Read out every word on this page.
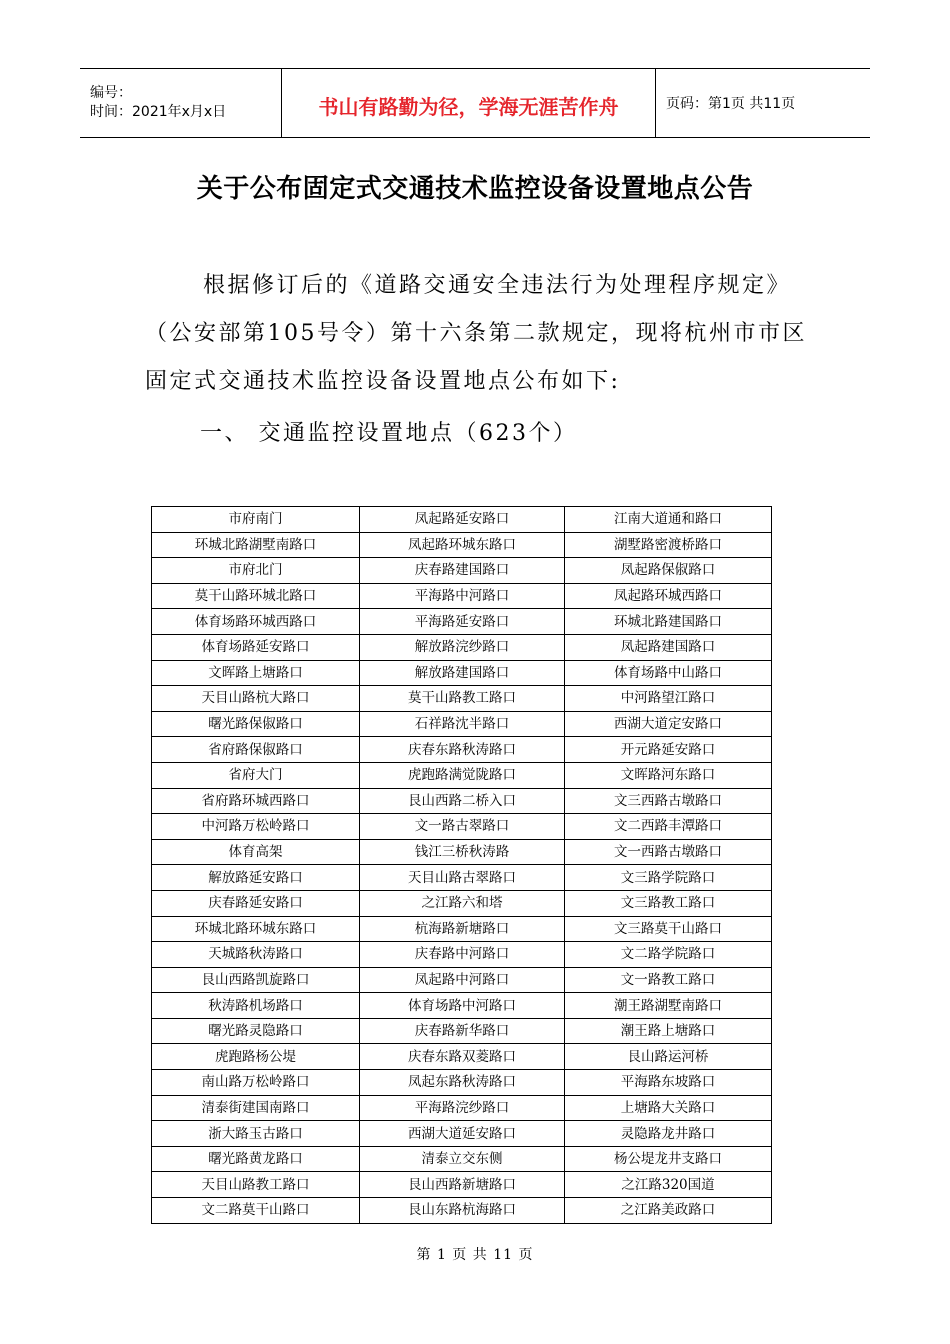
编号：
时间：2021年x月x日	书山有路勤为径，学海无涯苦作舟	页码：第1页 共11页
关于公布固定式交通技术监控设备设置地点公告
根据修订后的《道路交通安全违法行为处理程序规定》（公安部第105号令）第十六条第二款规定，现将杭州市市区固定式交通技术监控设备设置地点公布如下:
一、 交通监控设置地点（623个）
市府南门	凤起路延安路口	江南大道通和路口
环城北路湖墅南路口	凤起路环城东路口	湖墅路密渡桥路口
市府北门	庆春路建国路口	凤起路保俶路口
莫干山路环城北路口	平海路中河路口	凤起路环城西路口
体育场路环城西路口	平海路延安路口	环城北路建国路口
体育场路延安路口	解放路浣纱路口	凤起路建国路口
文晖路上塘路口	解放路建国路口	体育场路中山路口
天目山路杭大路口	莫干山路教工路口	中河路望江路口
曙光路保俶路口	石祥路沈半路口	西湖大道定安路口
省府路保俶路口	庆春东路秋涛路口	开元路延安路口
省府大门	虎跑路满觉陇路口	文晖路河东路口
省府路环城西路口	艮山西路二桥入口	文三西路古墩路口
中河路万松岭路口	文一路古翠路口	文二西路丰潭路口
体育高架	钱江三桥秋涛路	文一西路古墩路口
解放路延安路口	天目山路古翠路口	文三路学院路口
庆春路延安路口	之江路六和塔	文三路教工路口
环城北路环城东路口	杭海路新塘路口	文三路莫干山路口
天城路秋涛路口	庆春路中河路口	文二路学院路口
艮山西路凯旋路口	凤起路中河路口	文一路教工路口
秋涛路机场路口	体育场路中河路口	潮王路湖墅南路口
曙光路灵隐路口	庆春路新华路口	潮王路上塘路口
虎跑路杨公堤	庆春东路双菱路口	艮山路运河桥
南山路万松岭路口	凤起东路秋涛路口	平海路东坡路口
清泰街建国南路口	平海路浣纱路口	上塘路大关路口
浙大路玉古路口	西湖大道延安路口	灵隐路龙井路口
曙光路黄龙路口	清泰立交东侧	杨公堤龙井支路口
天目山路教工路口	艮山西路新塘路口	之江路320国道
文二路莫干山路口	艮山东路杭海路口	之江路美政路口
第 1 页 共 11 页
